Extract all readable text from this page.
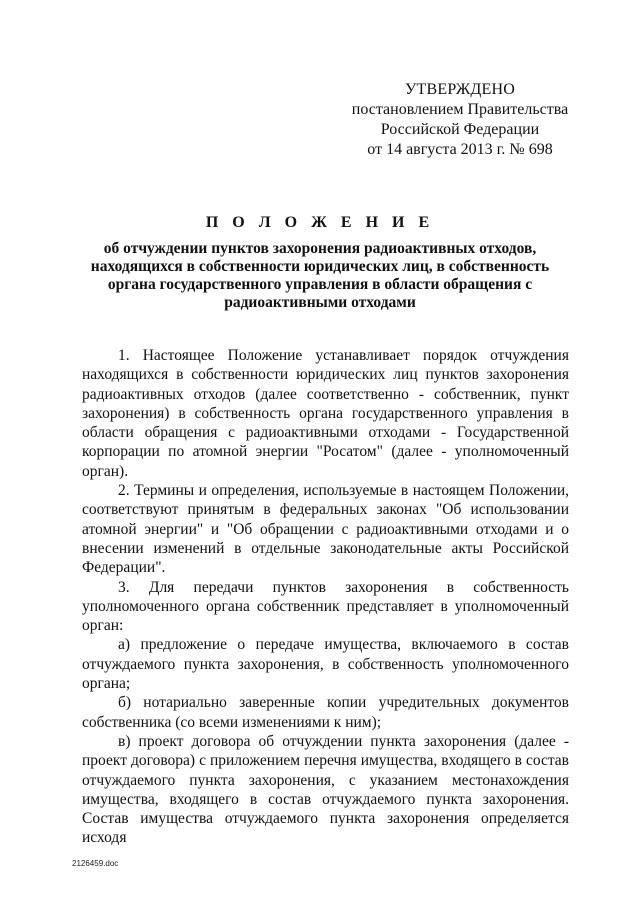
УТВЕРЖДЕНО
постановлением Правительства
Российской Федерации
от 14 августа 2013 г. № 698
П О Л О Ж Е Н И Е
об отчуждении пунктов захоронения радиоактивных отходов,
находящихся в собственности юридических лиц, в собственность
органа государственного управления в области обращения с
радиоактивными отходами

1. Настоящее Положение устанавливает порядок отчуждения находящихся в собственности юридических лиц пунктов захоронения радиоактивных отходов (далее соответственно - собственник, пункт захоронения) в собственность органа государственного управления в области обращения с радиоактивными отходами - Государственной корпорации по атомной энергии "Росатом" (далее - уполномоченный орган).

2. Термины и определения, используемые в настоящем Положении, соответствуют принятым в федеральных законах "Об использовании атомной энергии" и "Об обращении с радиоактивными отходами и о внесении изменений в отдельные законодательные акты Российской Федерации".

3. Для передачи пунктов захоронения в собственность уполномоченного органа собственник представляет в уполномоченный орган:

а) предложение о передаче имущества, включаемого в состав отчуждаемого пункта захоронения, в собственность уполномоченного органа;

б) нотариально заверенные копии учредительных документов собственника (со всеми изменениями к ним);

в) проект договора об отчуждении пункта захоронения (далее - проект договора) с приложением перечня имущества, входящего в состав отчуждаемого пункта захоронения, с указанием местонахождения имущества, входящего в состав отчуждаемого пункта захоронения. Состав имущества отчуждаемого пункта захоронения определяется исходя

2126459.doc
